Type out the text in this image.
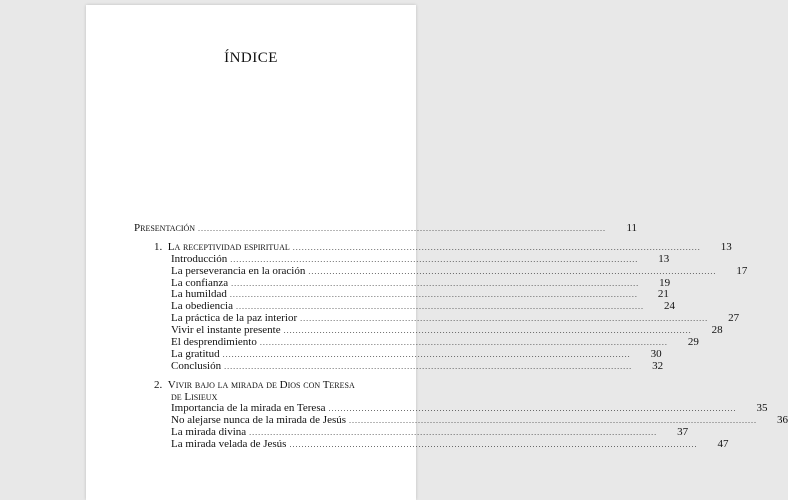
ÍNDICE
Presentación .....	11
1. La receptividad espiritual .....	13
Introducción .....	13
La perseverancia en la oración .....	17
La confianza .....	19
La humildad .....	21
La obediencia .....	24
La práctica de la paz interior .....	27
Vivir el instante presente .....	28
El desprendimiento .....	29
La gratitud .....	30
Conclusión .....	32
2. Vivir bajo la mirada de Dios con Teresa
de Lisieux
Importancia de la mirada en Teresa .....	35
No alejarse nunca de la mirada de Jesús .....	36
La mirada divina .....	37
La mirada velada de Jesús .....	47
